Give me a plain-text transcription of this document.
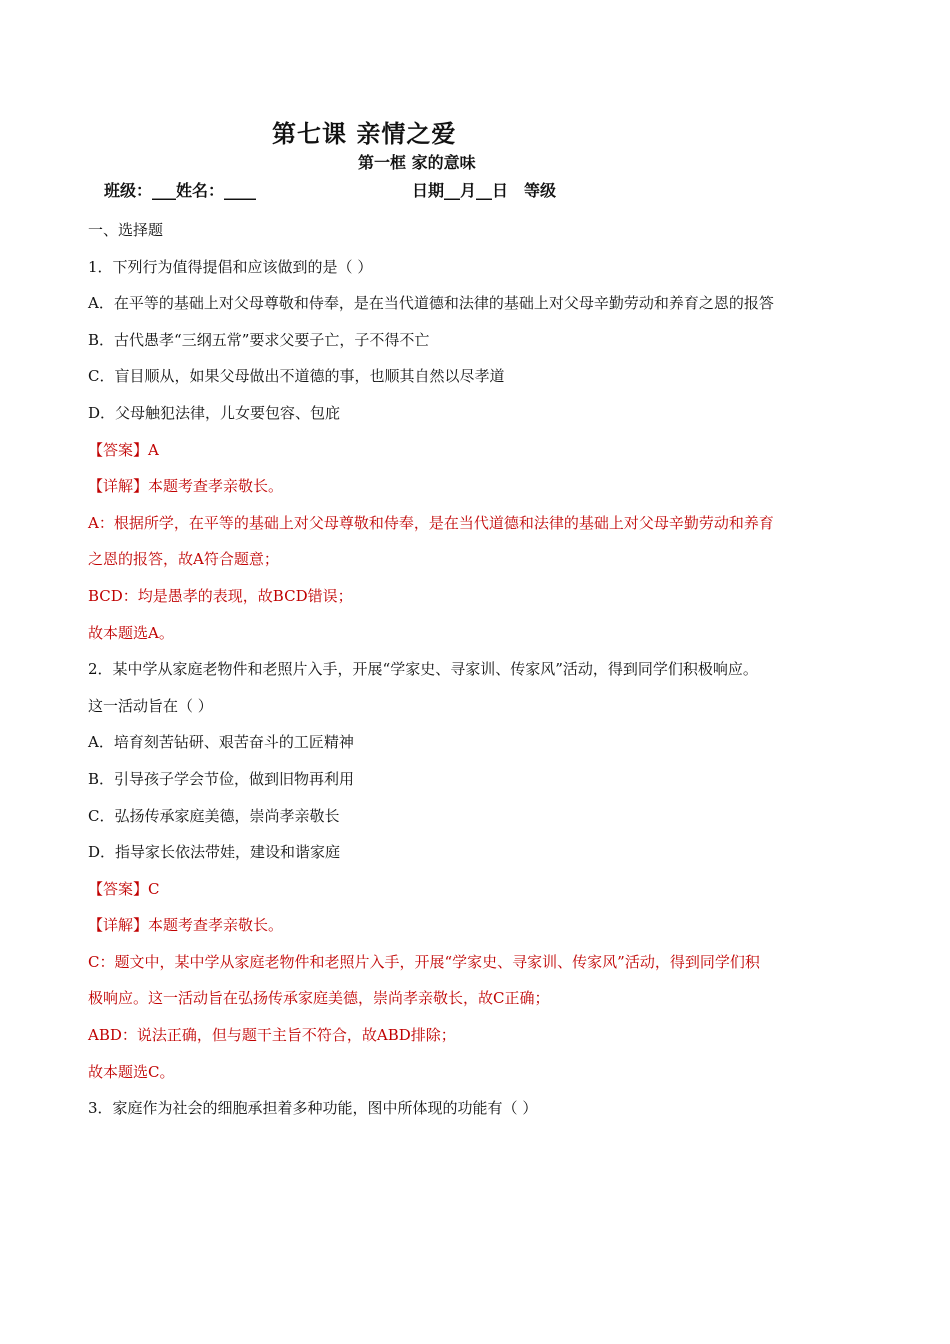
第七课 亲情之爱
第一框 家的意味
班级：___姓名：____	日期__月__日　等级

一、选择题

1．下列行为值得提倡和应该做到的是（ ）

A．在平等的基础上对父母尊敬和侍奉，是在当代道德和法律的基础上对父母辛勤劳动和养育之恩的报答

B．古代愚孝“三纲五常”要求父要子亡，子不得不亡

C．盲目顺从，如果父母做出不道德的事，也顺其自然以尽孝道

D．父母触犯法律，儿女要包容、包庇

【答案】A

【详解】本题考查孝亲敬长。

A：根据所学，在平等的基础上对父母尊敬和侍奉，是在当代道德和法律的基础上对父母辛勤劳动和养育

之恩的报答，故A符合题意；

BCD：均是愚孝的表现，故BCD错误；

故本题选A。

2．某中学从家庭老物件和老照片入手，开展“学家史、寻家训、传家风”活动，得到同学们积极响应。

这一活动旨在（ ）

A．培育刻苦钻研、艰苦奋斗的工匠精神

B．引导孩子学会节俭，做到旧物再利用

C．弘扬传承家庭美德，崇尚孝亲敬长

D．指导家长依法带娃，建设和谐家庭

【答案】C

【详解】本题考查孝亲敬长。

C：题文中，某中学从家庭老物件和老照片入手，开展“学家史、寻家训、传家风”活动，得到同学们积

极响应。这一活动旨在弘扬传承家庭美德，崇尚孝亲敬长，故C正确；

ABD：说法正确，但与题干主旨不符合，故ABD排除；

故本题选C。

3．家庭作为社会的细胞承担着多种功能，图中所体现的功能有（ ）
